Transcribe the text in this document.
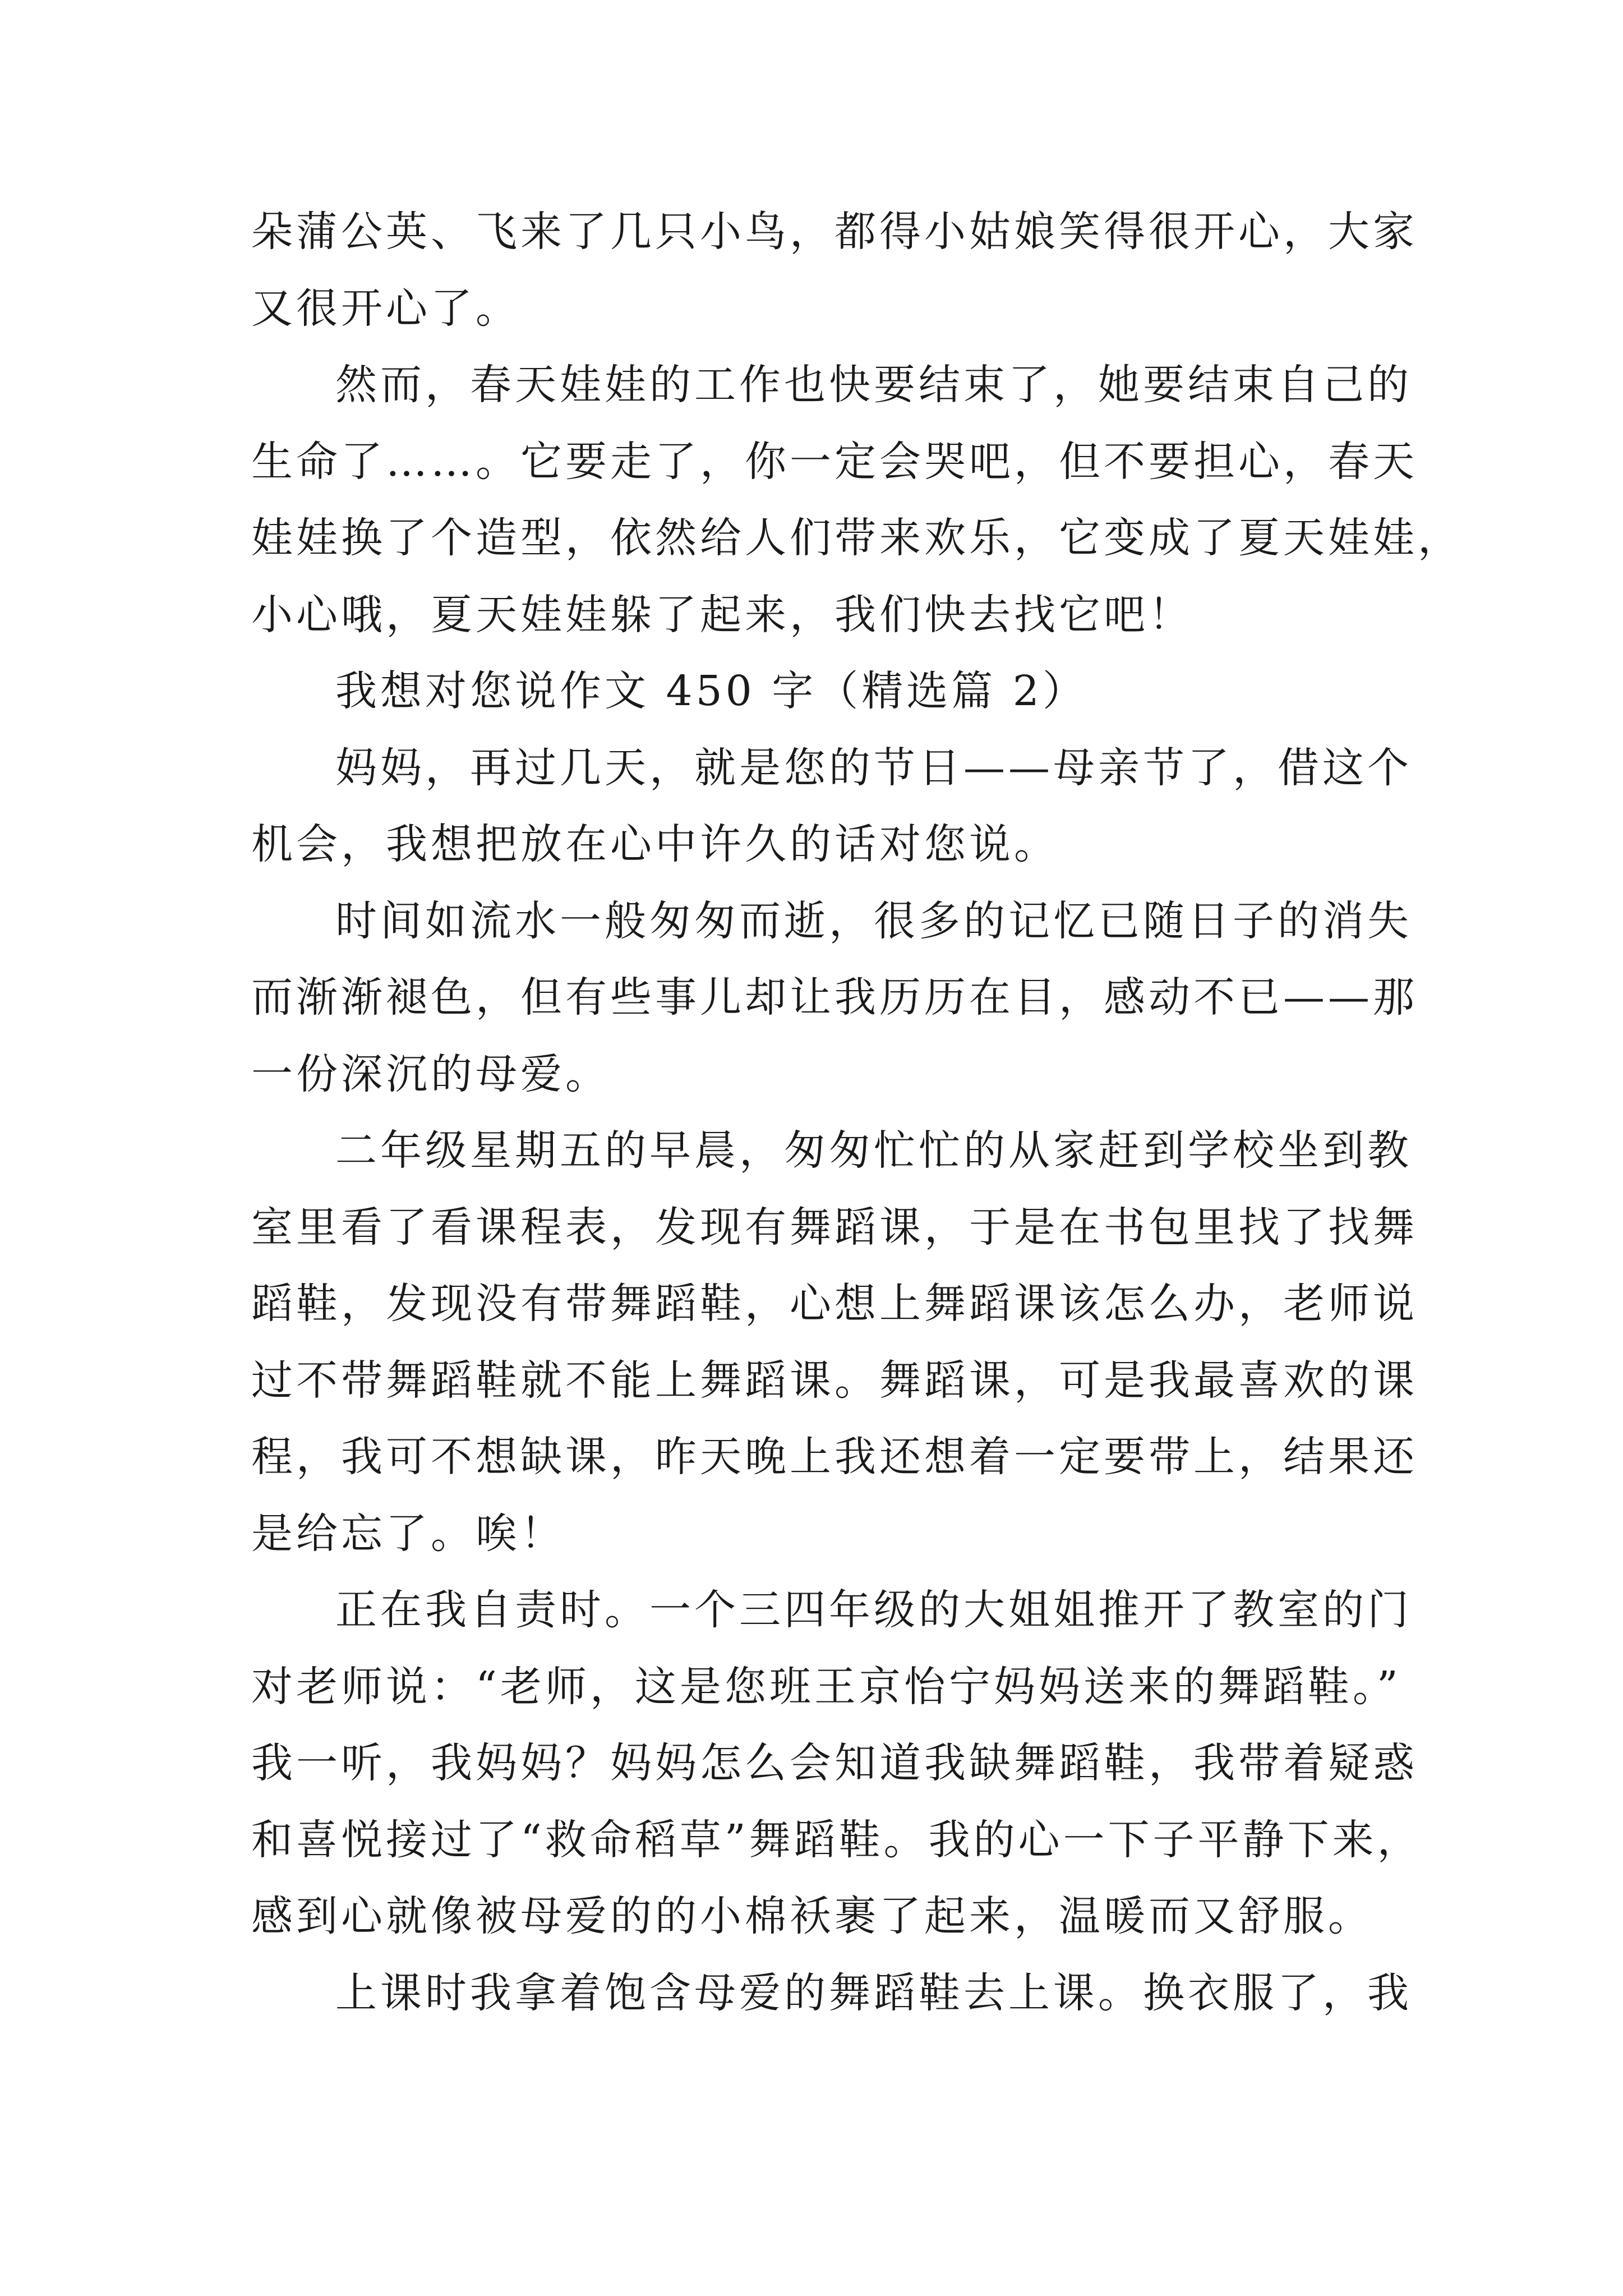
朵蒲公英、飞来了几只小鸟，都得小姑娘笑得很开心，大家
又很开心了。
然而，春天娃娃的工作也快要结束了，她要结束自己的
生命了……。它要走了，你一定会哭吧，但不要担心，春天
娃娃换了个造型，依然给人们带来欢乐，它变成了夏天娃娃，
小心哦，夏天娃娃躲了起来，我们快去找它吧！
我想对您说作文 450 字（精选篇 2）
妈妈，再过几天，就是您的节日——母亲节了，借这个
机会，我想把放在心中许久的话对您说。
时间如流水一般匆匆而逝，很多的记忆已随日子的消失
而渐渐褪色，但有些事儿却让我历历在目，感动不已——那
一份深沉的母爱。
二年级星期五的早晨，匆匆忙忙的从家赶到学校坐到教
室里看了看课程表，发现有舞蹈课，于是在书包里找了找舞
蹈鞋，发现没有带舞蹈鞋，心想上舞蹈课该怎么办，老师说
过不带舞蹈鞋就不能上舞蹈课。舞蹈课，可是我最喜欢的课
程，我可不想缺课，昨天晚上我还想着一定要带上，结果还
是给忘了。唉！
正在我自责时。一个三四年级的大姐姐推开了教室的门
对老师说：“老师，这是您班王京怡宁妈妈送来的舞蹈鞋。”
我一听，我妈妈？妈妈怎么会知道我缺舞蹈鞋，我带着疑惑
和喜悦接过了“救命稻草”舞蹈鞋。我的心一下子平静下来，
感到心就像被母爱的的小棉袄裹了起来，温暖而又舒服。
上课时我拿着饱含母爱的舞蹈鞋去上课。换衣服了，我
